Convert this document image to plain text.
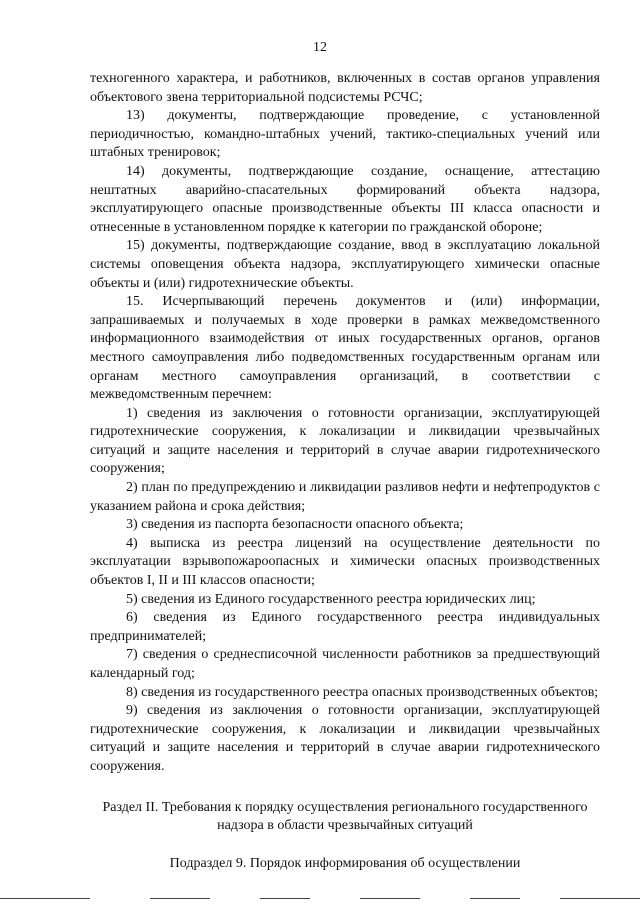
12

техногенного характера, и работников, включенных в состав органов управления объектового звена территориальной подсистемы РСЧС;

13) документы, подтверждающие проведение, с установленной периодичностью, командно-штабных учений, тактико-специальных учений или штабных тренировок;

14) документы, подтверждающие создание, оснащение, аттестацию нештатных аварийно-спасательных формирований объекта надзора, эксплуатирующего опасные производственные объекты III класса опасности и отнесенные в установленном порядке к категории по гражданской обороне;

15) документы, подтверждающие создание, ввод в эксплуатацию локальной системы оповещения объекта надзора, эксплуатирующего химически опасные объекты и (или) гидротехнические объекты.

15. Исчерпывающий перечень документов и (или) информации, запрашиваемых и получаемых в ходе проверки в рамках межведомственного информационного взаимодействия от иных государственных органов, органов местного самоуправления либо подведомственных государственным органам или органам местного самоуправления организаций, в соответствии с межведомственным перечнем:

1) сведения из заключения о готовности организации, эксплуатирующей гидротехнические сооружения, к локализации и ликвидации чрезвычайных ситуаций и защите населения и территорий в случае аварии гидротехнического сооружения;

2) план по предупреждению и ликвидации разливов нефти и нефтепродуктов с указанием района и срока действия;

3) сведения из паспорта безопасности опасного объекта;

4) выписка из реестра лицензий на осуществление деятельности по эксплуатации взрывопожароопасных и химически опасных производственных объектов I, II и III классов опасности;

5) сведения из Единого государственного реестра юридических лиц;

6) сведения из Единого государственного реестра индивидуальных предпринимателей;

7) сведения о среднесписочной численности работников за предшествующий календарный год;

8) сведения из государственного реестра опасных производственных объектов;

9) сведения из заключения о готовности организации, эксплуатирующей гидротехнические сооружения, к локализации и ликвидации чрезвычайных ситуаций и защите населения и территорий в случае аварии гидротехнического сооружения.

Раздел II. Требования к порядку осуществления регионального государственного надзора в области чрезвычайных ситуаций

Подраздел 9. Порядок информирования об осуществлении
